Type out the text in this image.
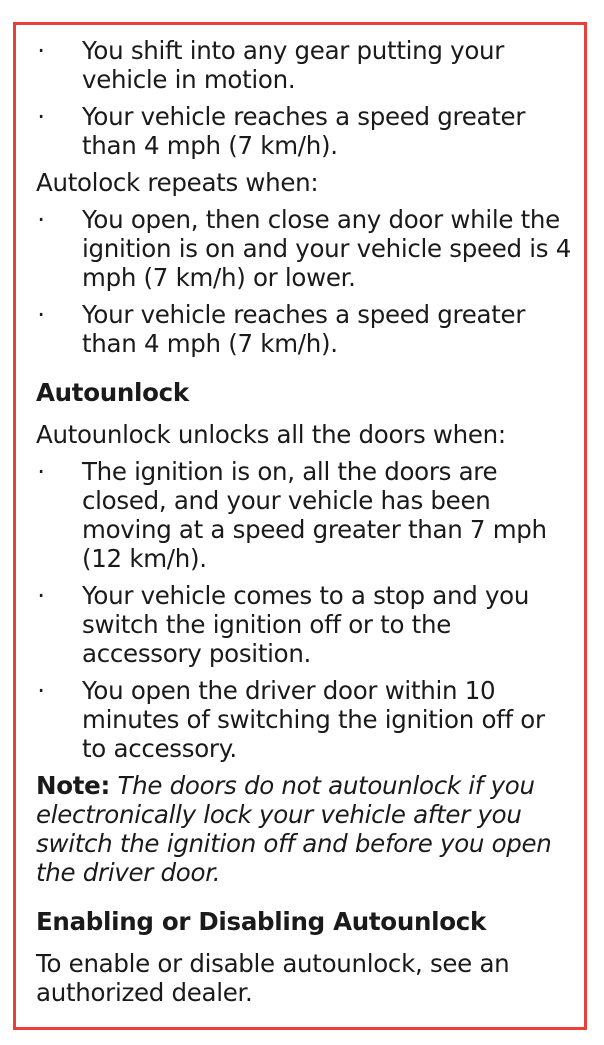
· You shift into any gear putting your vehicle in motion.
· Your vehicle reaches a speed greater than 4 mph (7 km/h).

Autolock repeats when:

· You open, then close any door while the ignition is on and your vehicle speed is 4 mph (7 km/h) or lower.
· Your vehicle reaches a speed greater than 4 mph (7 km/h).
Autounlock

Autounlock unlocks all the doors when:

· The ignition is on, all the doors are closed, and your vehicle has been moving at a speed greater than 7 mph (12 km/h).
· Your vehicle comes to a stop and you switch the ignition off or to the accessory position.
· You open the driver door within 10 minutes of switching the ignition off or to accessory.

Note: The doors do not autounlock if you electronically lock your vehicle after you switch the ignition off and before you open the driver door.

Enabling or Disabling Autounlock

To enable or disable autounlock, see an authorized dealer.
